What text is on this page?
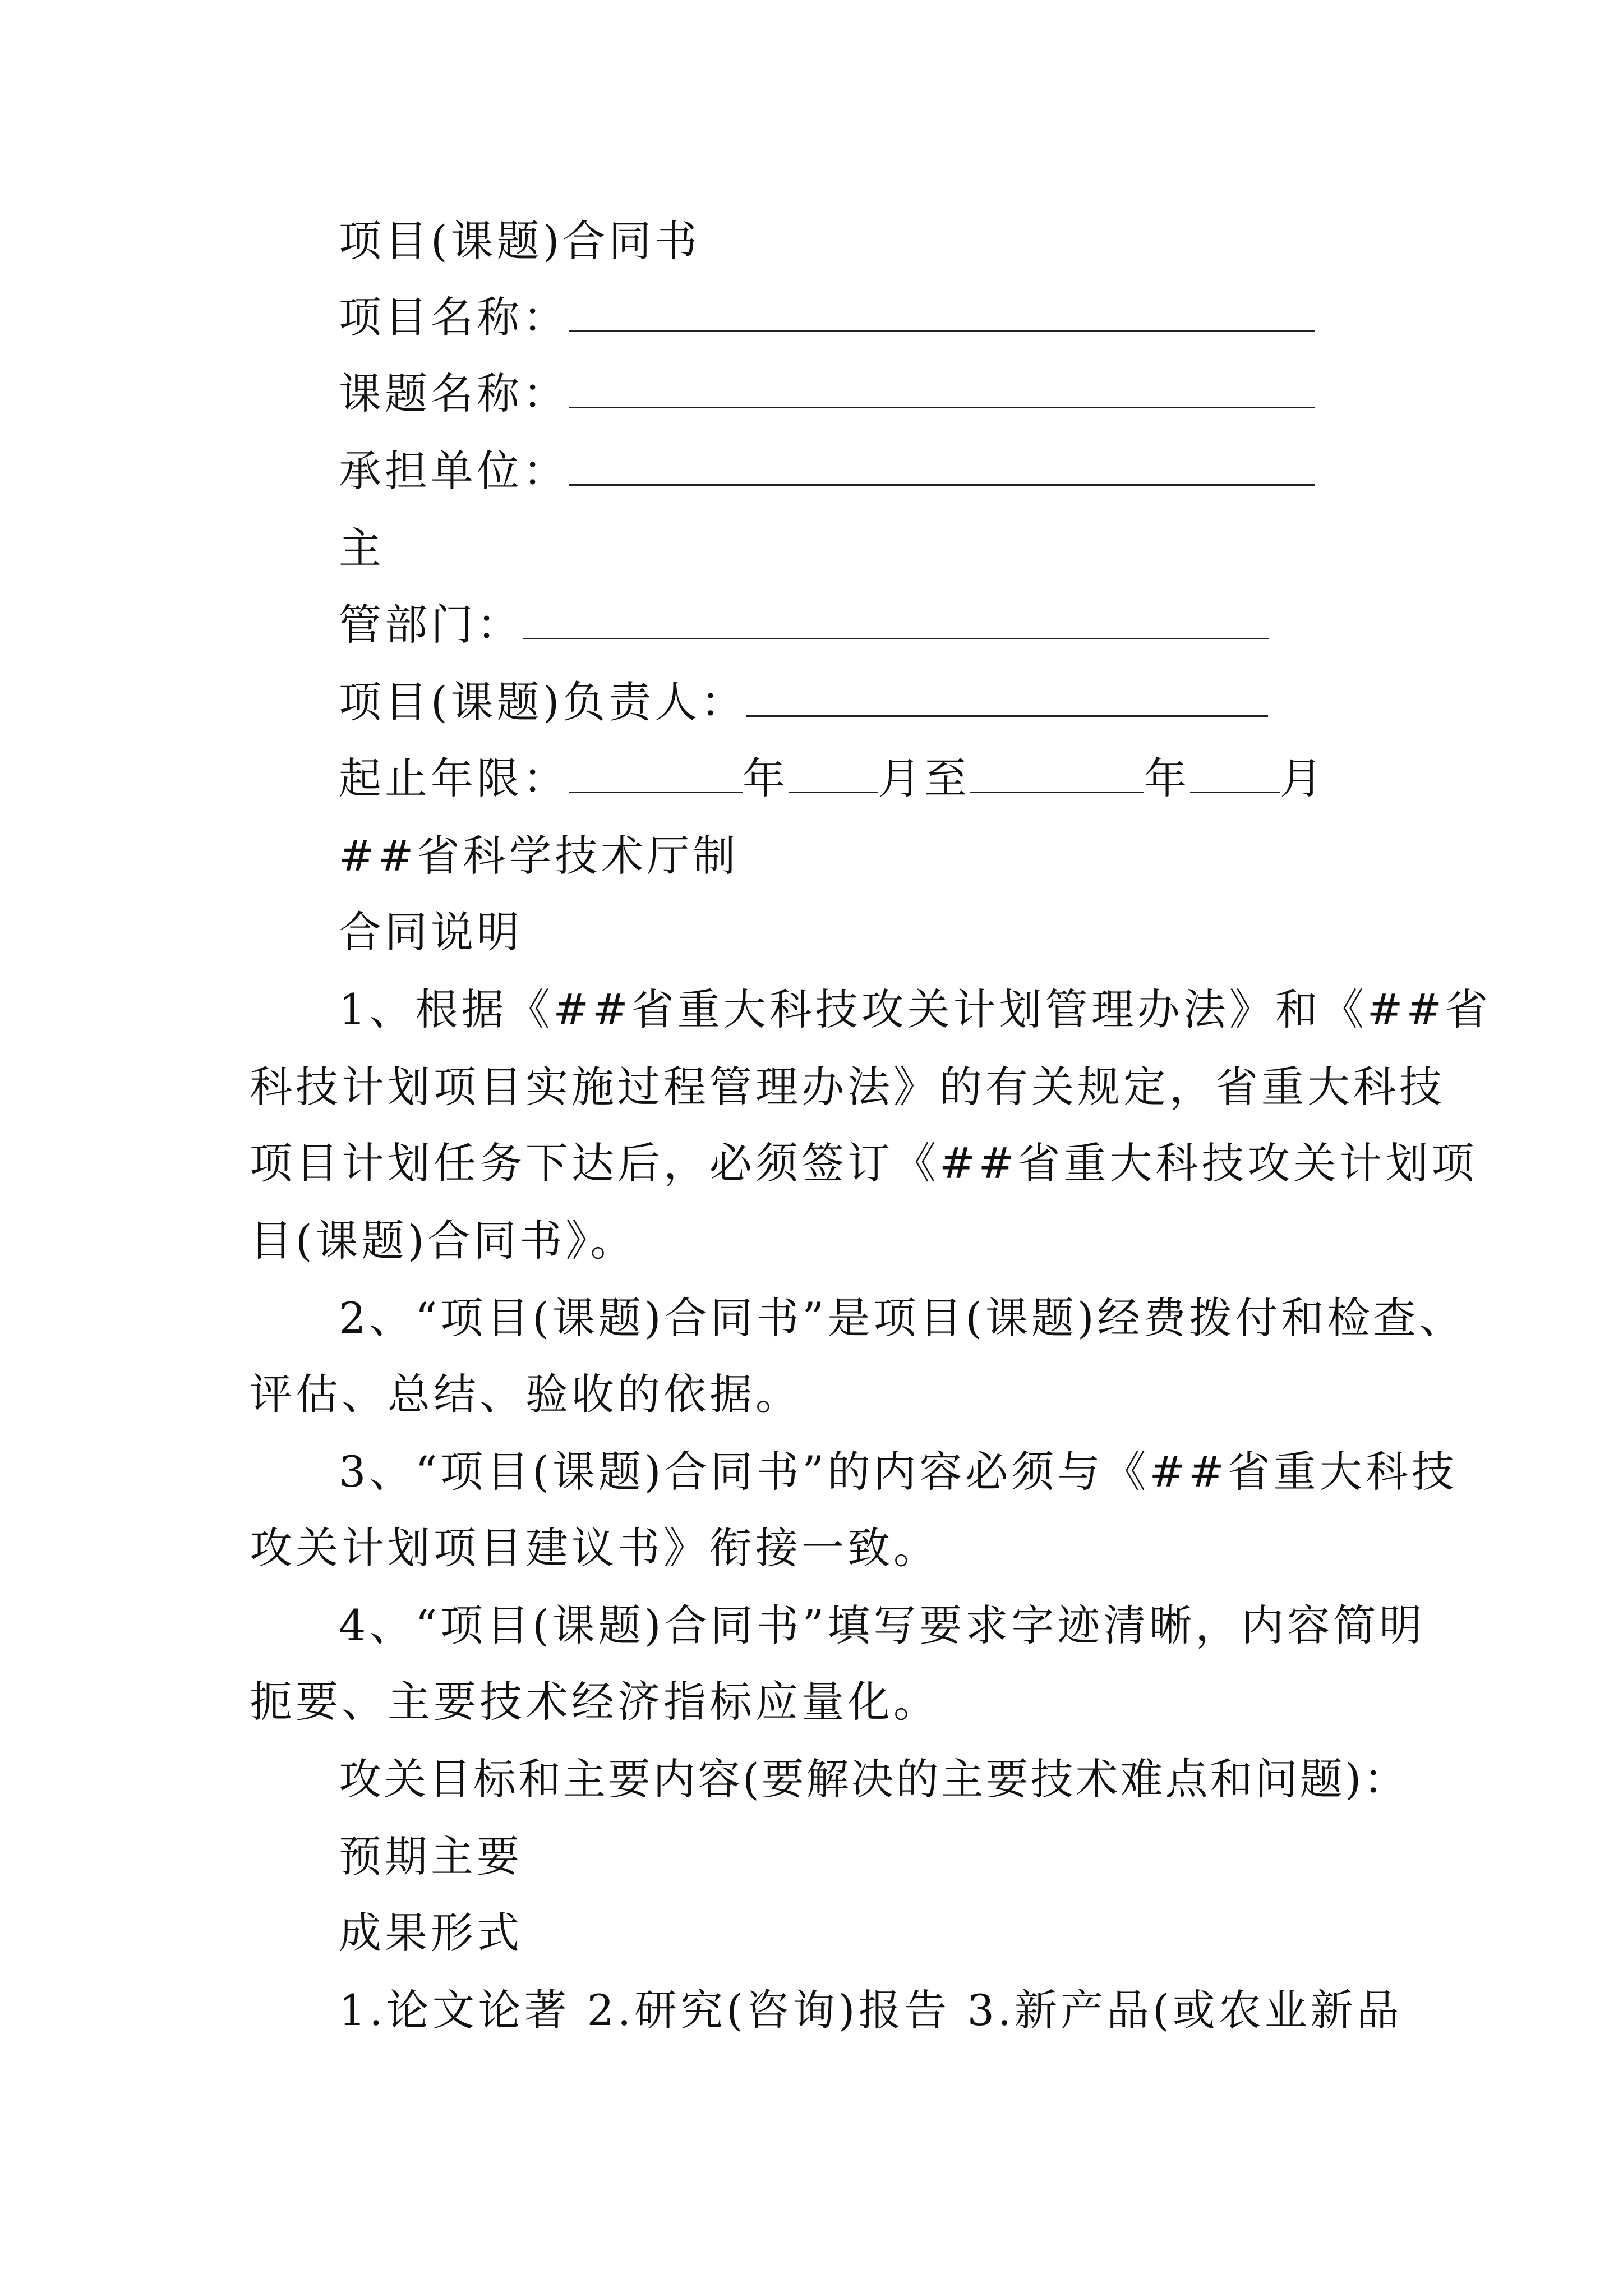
项目(课题)合同书
项目名称：
课题名称：
承担单位：
主
管部门：
项目(课题)负责人：
起止年限：	年 月至	年 月
##省科学技术厅制
合同说明
1、根据《##省重大科技攻关计划管理办法》和《##省
科技计划项目实施过程管理办法》的有关规定，省重大科技
项目计划任务下达后，必须签订《##省重大科技攻关计划项
目(课题)合同书》。
2、“项目(课题)合同书”是项目(课题)经费拨付和检查、
评估、总结、验收的依据。
3、“项目(课题)合同书”的内容必须与《##省重大科技
攻关计划项目建议书》衔接一致。
4、“项目(课题)合同书”填写要求字迹清晰，内容简明
扼要、主要技术经济指标应量化。
攻关目标和主要内容(要解决的主要技术难点和问题)：
预期主要
成果形式
1.论文论著 2.研究(咨询)报告 3.新产品(或农业新品
